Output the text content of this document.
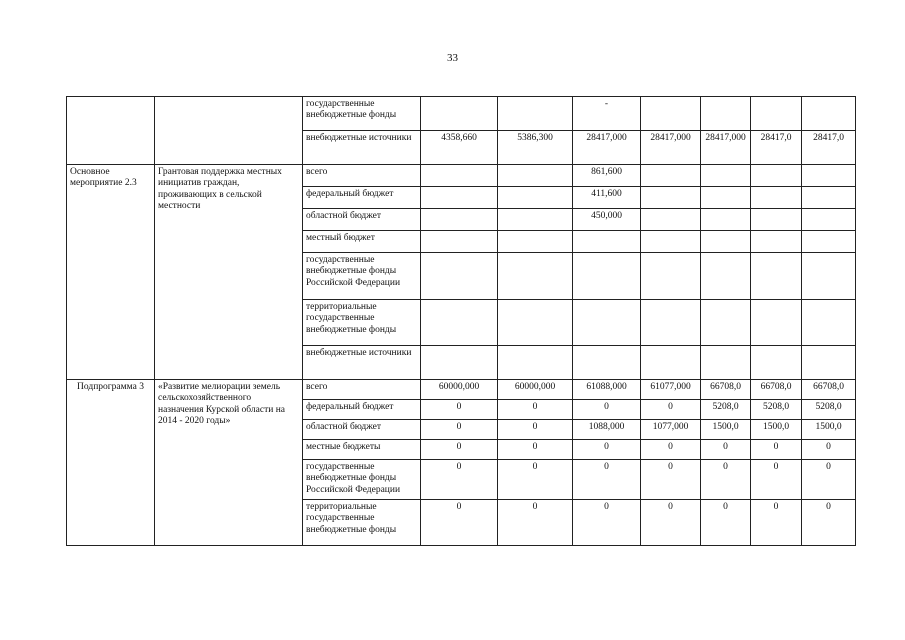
33
		государственные внебюджетные фонды			-				
		внебюджетные источники	4358,660	5386,300	28417,000	28417,000	28417,000	28417,0	28417,0
Основное мероприятие 2.3	Грантовая поддержка местных инициатив граждан, проживающих в сельской местности	всего			861,600				
		федеральный бюджет			411,600				
		областной бюджет			450,000				
		местный бюджет							
		государственные внебюджетные фонды Российской Федерации							
		территориальные государственные внебюджетные фонды							
		внебюджетные источники							
Подпрограмма 3	«Развитие мелиорации земель сельскохозяйственного назначения Курской области на 2014 - 2020 годы»	всего	60000,000	60000,000	61088,000	61077,000	66708,0	66708,0	66708,0
		федеральный бюджет	0	0	0	0	5208,0	5208,0	5208,0
		областной бюджет	0	0	1088,000	1077,000	1500,0	1500,0	1500,0
		местные бюджеты	0	0	0	0	0	0	0
		государственные внебюджетные фонды Российской Федерации	0	0	0	0	0	0	0
		территориальные государственные внебюджетные фонды	0	0	0	0	0	0	0
